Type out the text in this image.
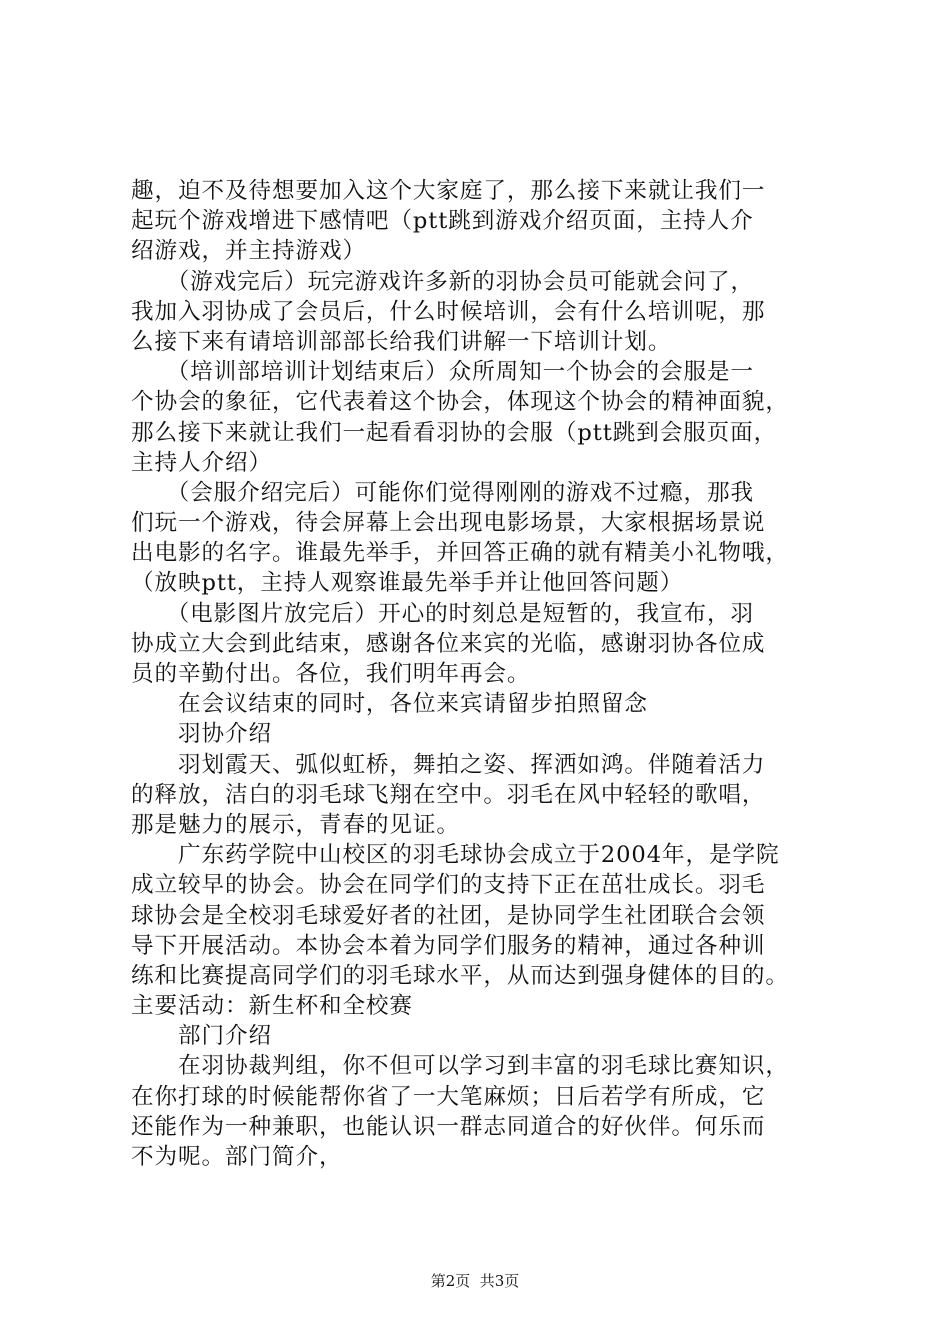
趣，迫不及待想要加入这个大家庭了，那么接下来就让我们一
起玩个游戏增进下感情吧（ptt跳到游戏介绍页面，主持人介
绍游戏，并主持游戏）
　　（游戏完后）玩完游戏许多新的羽协会员可能就会问了，
我加入羽协成了会员后，什么时候培训，会有什么培训呢，那
么接下来有请培训部部长给我们讲解一下培训计划。
　　（培训部培训计划结束后）众所周知一个协会的会服是一
个协会的象征，它代表着这个协会，体现这个协会的精神面貌，
那么接下来就让我们一起看看羽协的会服（ptt跳到会服页面，
主持人介绍）
　　（会服介绍完后）可能你们觉得刚刚的游戏不过瘾，那我
们玩一个游戏，待会屏幕上会出现电影场景，大家根据场景说
出电影的名字。谁最先举手，并回答正确的就有精美小礼物哦，
（放映ptt，主持人观察谁最先举手并让他回答问题）
　　（电影图片放完后）开心的时刻总是短暂的，我宣布，羽
协成立大会到此结束，感谢各位来宾的光临，感谢羽协各位成
员的辛勤付出。各位，我们明年再会。
　　在会议结束的同时，各位来宾请留步拍照留念
　　羽协介绍
　　羽划霞天、弧似虹桥，舞拍之姿、挥洒如鸿。伴随着活力
的释放，洁白的羽毛球飞翔在空中。羽毛在风中轻轻的歌唱，
那是魅力的展示，青春的见证。
　　广东药学院中山校区的羽毛球协会成立于2004年，是学院
成立较早的协会。协会在同学们的支持下正在茁壮成长。羽毛
球协会是全校羽毛球爱好者的社团，是协同学生社团联合会领
导下开展活动。本协会本着为同学们服务的精神，通过各种训
练和比赛提高同学们的羽毛球水平，从而达到强身健体的目的。
主要活动：新生杯和全校赛
　　部门介绍
　　在羽协裁判组，你不但可以学习到丰富的羽毛球比赛知识，
在你打球的时候能帮你省了一大笔麻烦；日后若学有所成，它
还能作为一种兼职，也能认识一群志同道合的好伙伴。何乐而
不为呢。部门简介，
第2页  共3页
